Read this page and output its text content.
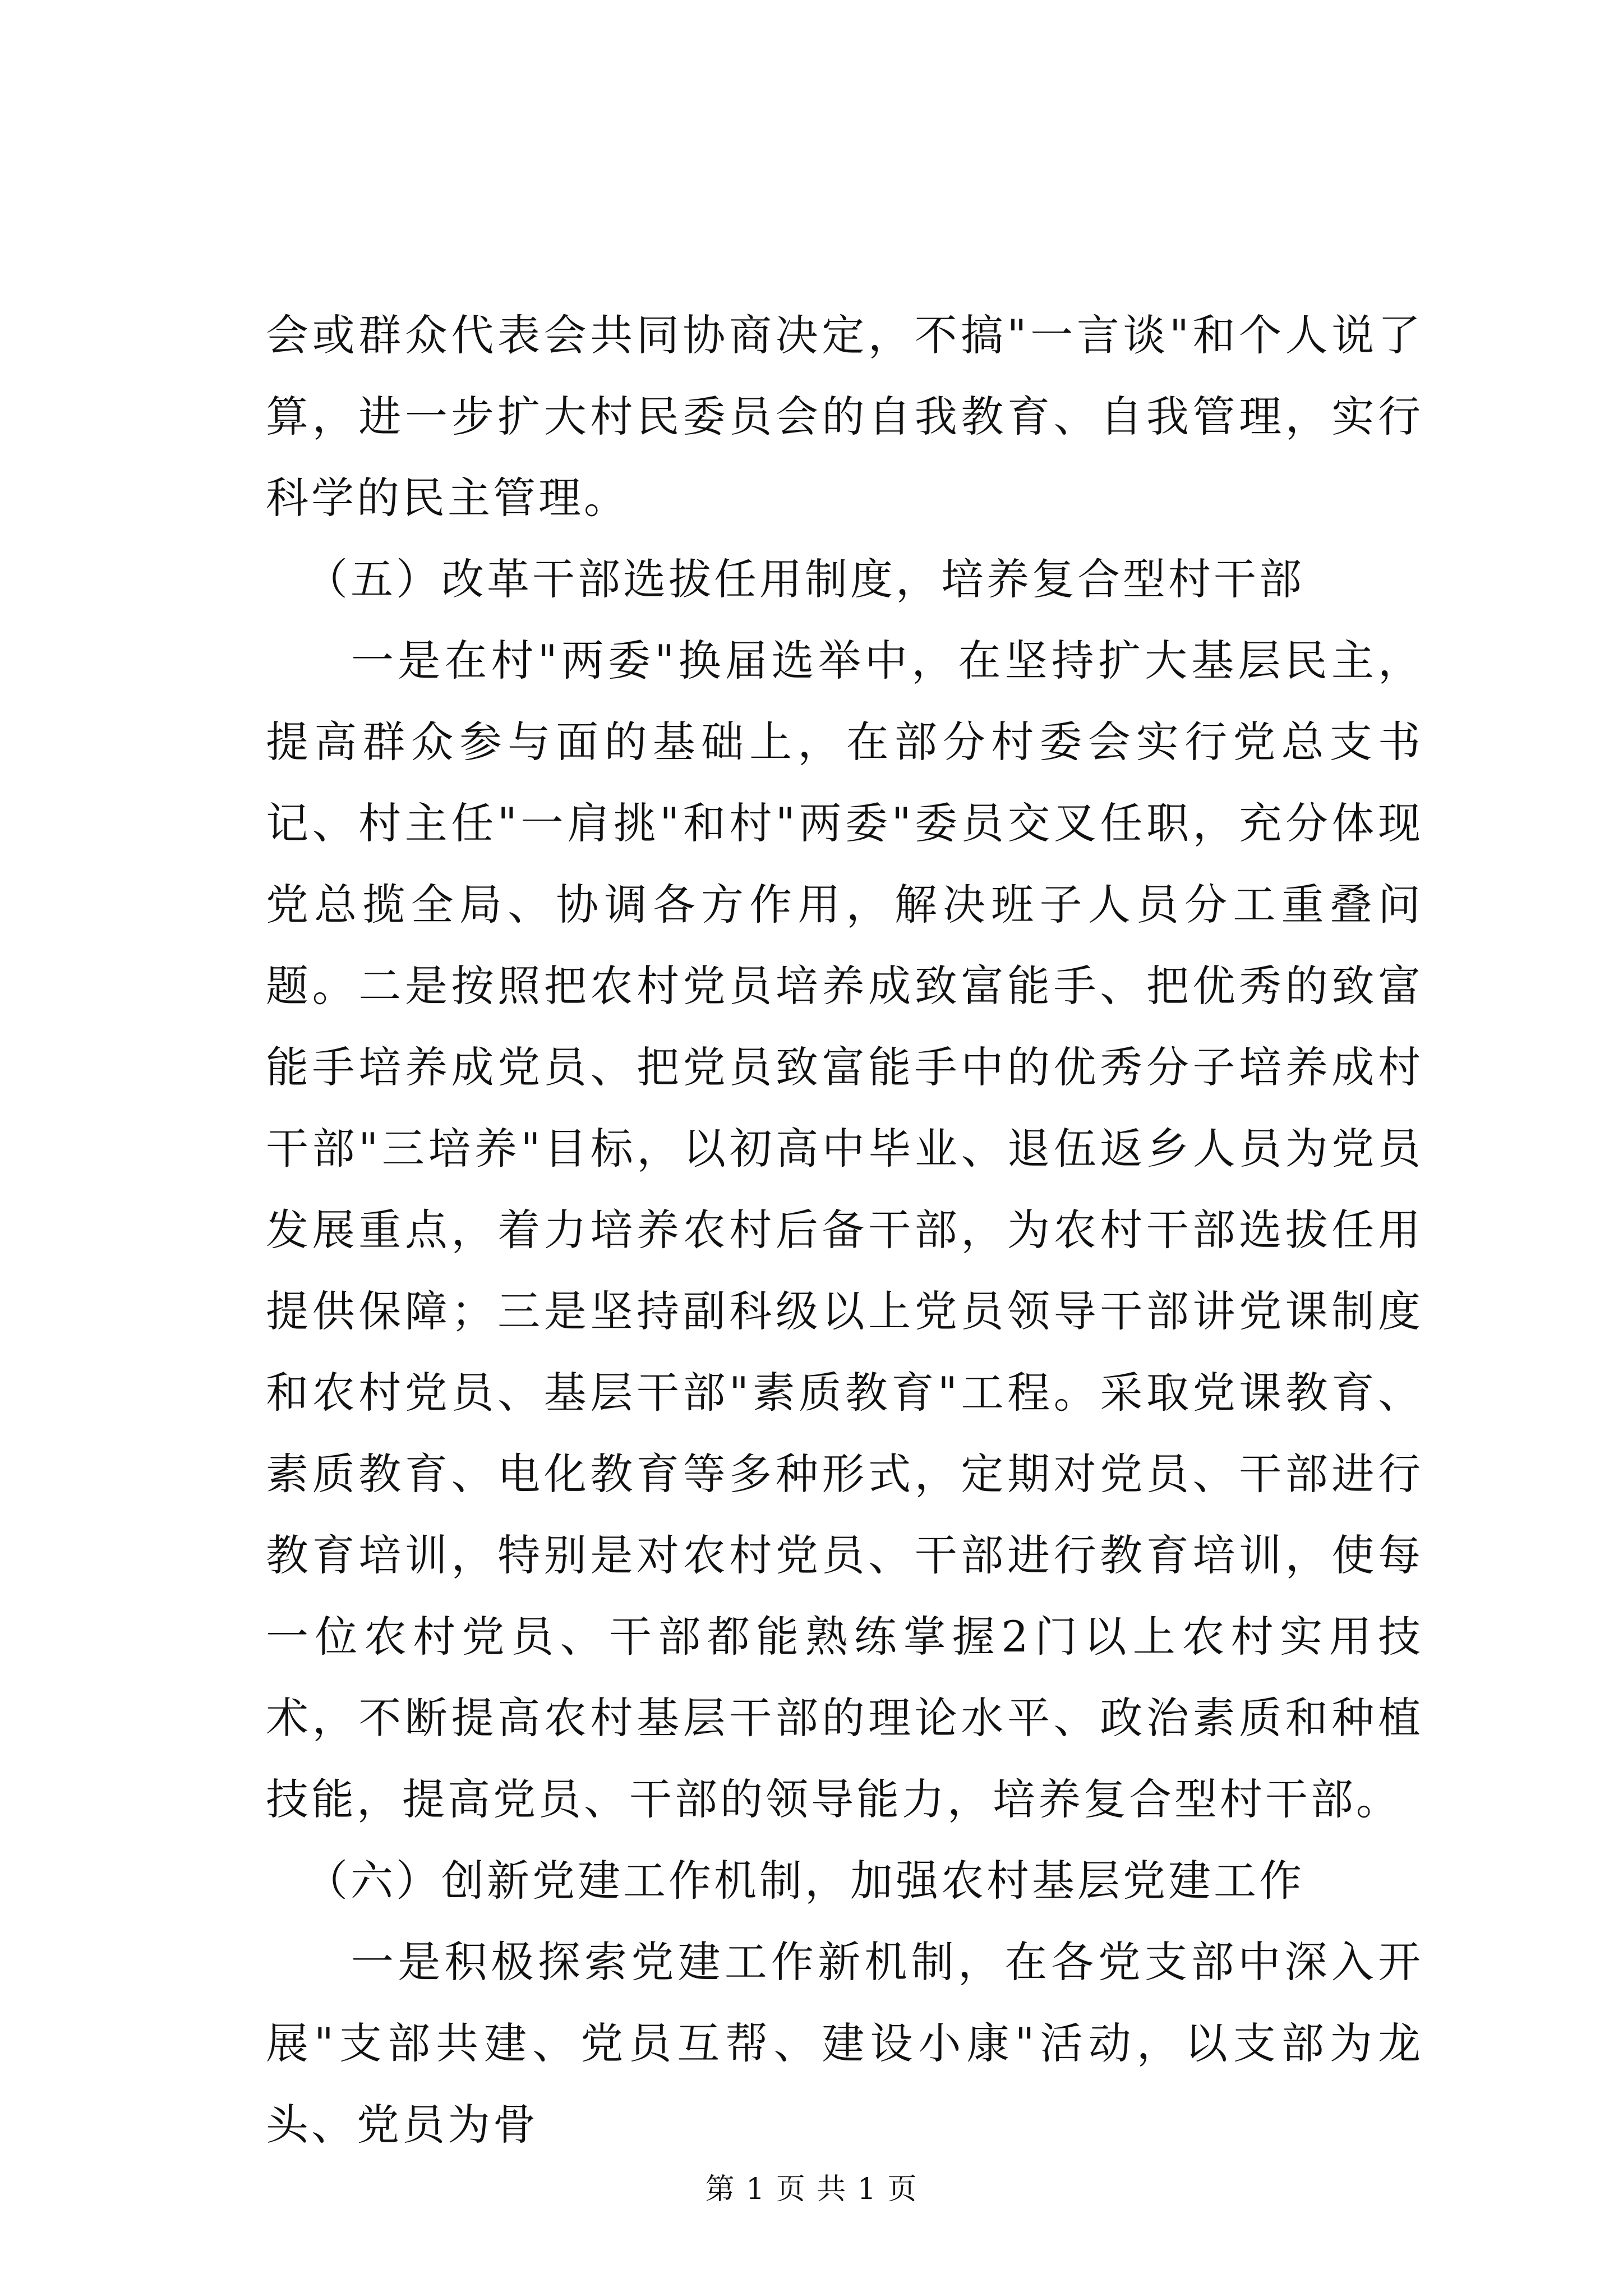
会或群众代表会共同协商决定，不搞"一言谈"和个人说了算，进一步扩大村民委员会的自我教育、自我管理，实行科学的民主管理。

（五）改革干部选拔任用制度，培养复合型村干部

一是在村"两委"换届选举中，在坚持扩大基层民主，提高群众参与面的基础上，在部分村委会实行党总支书记、村主任"一肩挑"和村"两委"委员交叉任职，充分体现党总揽全局、协调各方作用，解决班子人员分工重叠问题。二是按照把农村党员培养成致富能手、把优秀的致富能手培养成党员、把党员致富能手中的优秀分子培养成村干部"三培养"目标，以初高中毕业、退伍返乡人员为党员发展重点，着力培养农村后备干部，为农村干部选拔任用提供保障；三是坚持副科级以上党员领导干部讲党课制度和农村党员、基层干部"素质教育"工程。采取党课教育、素质教育、电化教育等多种形式，定期对党员、干部进行教育培训，特别是对农村党员、干部进行教育培训，使每一位农村党员、干部都能熟练掌握2门以上农村实用技术，不断提高农村基层干部的理论水平、政治素质和种植技能，提高党员、干部的领导能力，培养复合型村干部。

（六）创新党建工作机制，加强农村基层党建工作

一是积极探索党建工作新机制，在各党支部中深入开展"支部共建、党员互帮、建设小康"活动，以支部为龙头、党员为骨

第 1 页 共 1 页
